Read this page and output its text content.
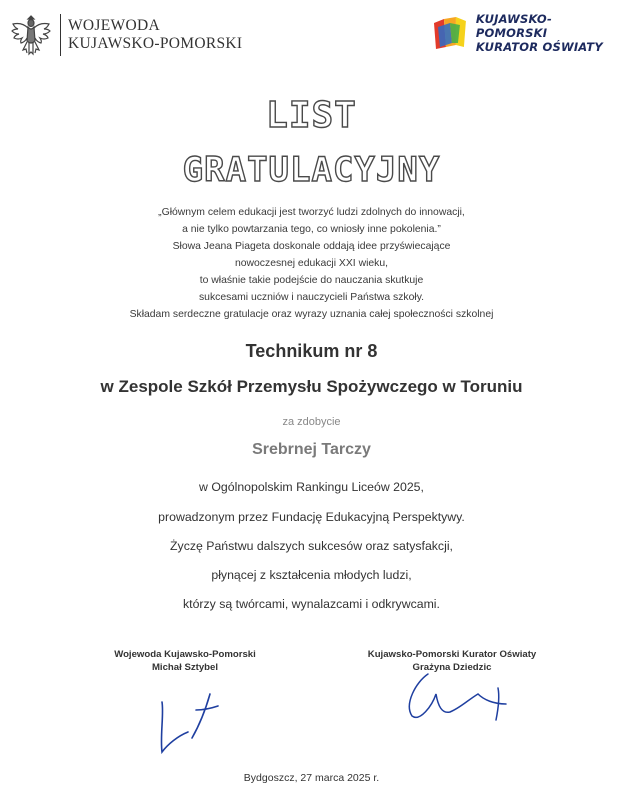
WOJEWODA
KUJAWSKO-POMORSKI
KUJAWSKO-POMORSKI
KURATOR OŚWIATY
LIST
GRATULACYJNY
„Głównym celem edukacji jest tworzyć ludzi zdolnych do innowacji,
a nie tylko powtarzania tego, co wniosły inne pokolenia.”
Słowa Jeana Piageta doskonale oddają idee przyświecające
nowoczesnej edukacji XXI wieku,
to właśnie takie podejście do nauczania skutkuje
sukcesami uczniów i nauczycieli Państwa szkoły.
Składam serdeczne gratulacje oraz wyrazy uznania całej społeczności szkolnej
Technikum nr 8
w Zespole Szkół Przemysłu Spożywczego w Toruniu
za zdobycie
Srebrnej Tarczy
w Ogólnopolskim Rankingu Liceów 2025,
prowadzonym przez Fundację Edukacyjną Perspektywy.
Życzę Państwu dalszych sukcesów oraz satysfakcji,
płynącej z kształcenia młodych ludzi,
którzy są twórcami, wynalazcami i odkrywcami.
Wojewoda Kujawsko-Pomorski
Michał Sztybel
Kujawsko-Pomorski Kurator Oświaty
Grażyna Dziedzic
Bydgoszcz, 27 marca 2025 r.
